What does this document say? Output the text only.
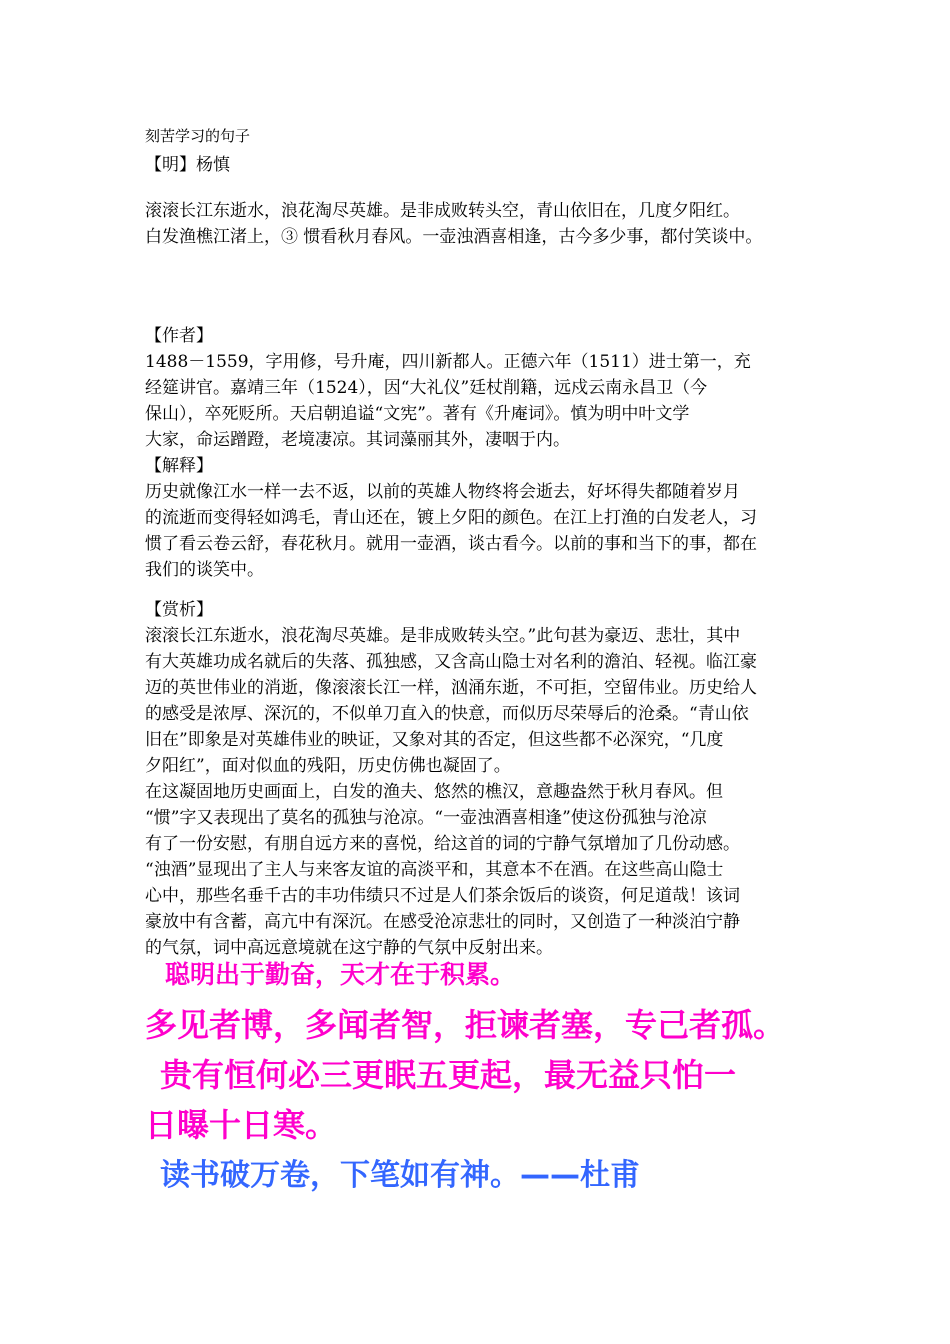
刻苦学习的句子
【明】杨慎

滚滚长江东逝水，浪花淘尽英雄。是非成败转头空，青山依旧在，几度夕阳红。

白发渔樵江渚上，③ 惯看秋月春风。一壶浊酒喜相逢，古今多少事，都付笑谈中。

【作者】

1488－1559，字用修，号升庵，四川新都人。正德六年（1511）进士第一，充

经筵讲官。嘉靖三年（1524），因“大礼仪”廷杖削籍，远戍云南永昌卫（今

保山），卒死贬所。天启朝追谥“文宪”。著有《升庵词》。慎为明中叶文学

大家，命运蹭蹬，老境凄凉。其词藻丽其外，凄咽于内。

【解释】

历史就像江水一样一去不返，以前的英雄人物终将会逝去，好坏得失都随着岁月

的流逝而变得轻如鸿毛，青山还在，镀上夕阳的颜色。在江上打渔的白发老人，习

惯了看云卷云舒，春花秋月。就用一壶酒，谈古看今。以前的事和当下的事，都在

我们的谈笑中。

【赏析】

滚滚长江东逝水，浪花淘尽英雄。是非成败转头空。”此句甚为豪迈、悲壮，其中

有大英雄功成名就后的失落、孤独感，又含高山隐士对名利的澹泊、轻视。临江豪

迈的英世伟业的消逝，像滚滚长江一样，汹涌东逝，不可拒，空留伟业。历史给人

的感受是浓厚、深沉的，不似单刀直入的快意，而似历尽荣辱后的沧桑。“青山依

旧在”即象是对英雄伟业的映证，又象对其的否定，但这些都不必深究，“几度

夕阳红”，面对似血的残阳，历史仿佛也凝固了。

在这凝固地历史画面上，白发的渔夫、悠然的樵汉，意趣盎然于秋月春风。但

“惯”字又表现出了莫名的孤独与沧凉。“一壶浊酒喜相逢”使这份孤独与沧凉

有了一份安慰，有朋自远方来的喜悦，给这首的词的宁静气氛增加了几份动感。

“浊酒”显现出了主人与来客友谊的高淡平和，其意本不在酒。在这些高山隐士

心中，那些名垂千古的丰功伟绩只不过是人们茶余饭后的谈资，何足道哉！该词

豪放中有含蓄，高亢中有深沉。在感受沧凉悲壮的同时，又创造了一种淡泊宁静

的气氛，词中高远意境就在这宁静的气氛中反射出来。

聪明出于勤奋，天才在于积累。
多见者博，多闻者智，拒谏者塞，专己者孤。
贵有恒何必三更眠五更起，最无益只怕一
日曝十日寒。
读书破万卷，下笔如有神。——杜甫
